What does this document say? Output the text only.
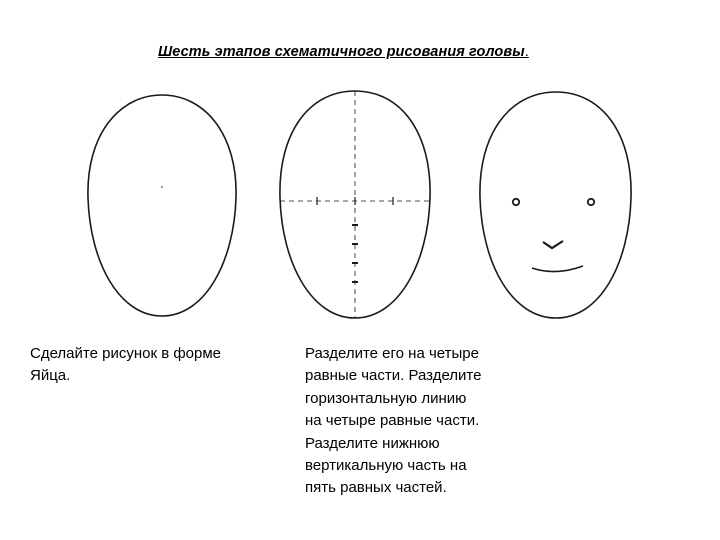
Шесть этапов схематичного рисования головы.
Сделайте рисунок в форме
Яйца.
Разделите его на четыре
равные части. Разделите
горизонтальную линию
на четыре равные части.
Разделите нижнюю
вертикальную часть на
пять равных частей.
